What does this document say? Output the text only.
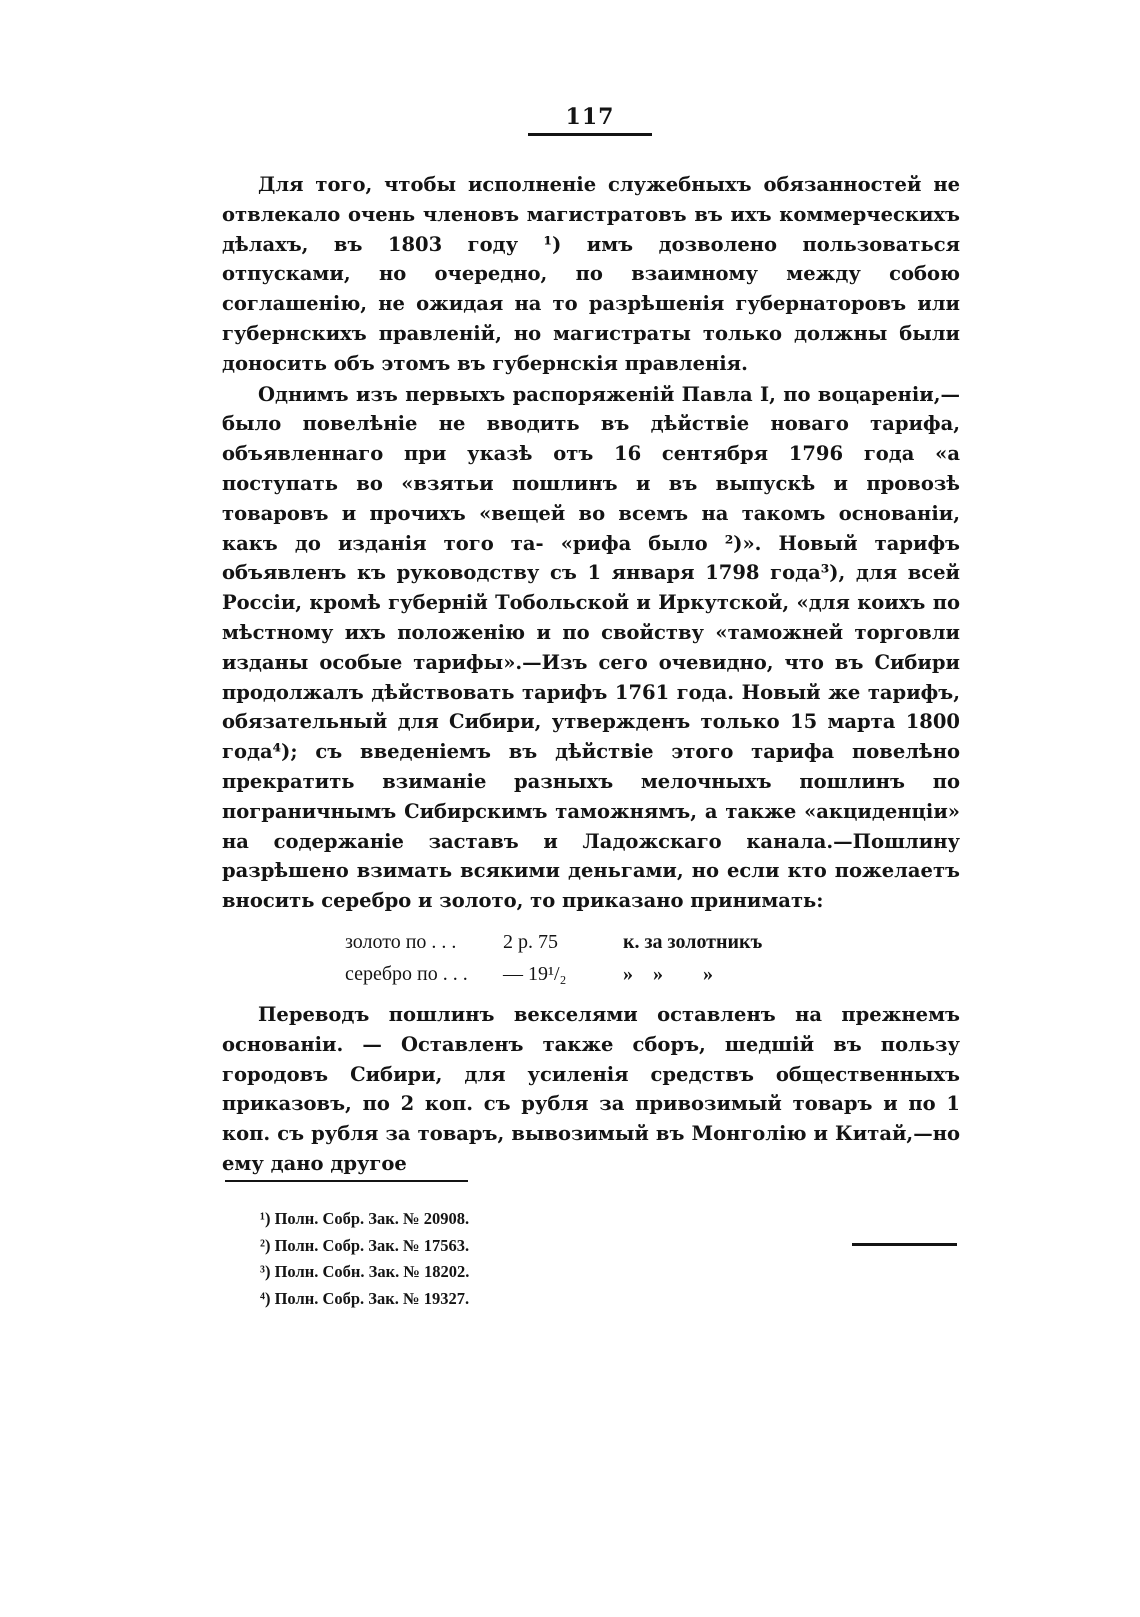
117

Для того, чтобы исполненіе служебныхъ обязанностей не отвлекало очень членовъ магистратовъ въ ихъ коммерческихъ дѣлахъ, въ 1803 году ¹) имъ дозволено пользоваться отпусками, но очередно, по взаимному между собою соглашенію, не ожидая на то разрѣшенія губернаторовъ или губернскихъ правленій, но магистраты только должны были доносить объ этомъ въ губернскія правленія.

Однимъ изъ первыхъ распоряженій Павла I, по воцареніи,— было повелѣніе не вводить въ дѣйствіе новаго тарифа, объявленнаго при указѣ отъ 16 сентября 1796 года «а поступать во «взятьи пошлинъ и въ выпускѣ и провозѣ товаровъ и прочихъ «вещей во всемъ на такомъ основаніи, какъ до изданія того та- «рифа было ²)». Новый тарифъ объявленъ къ руководству съ 1 января 1798 года³), для всей Россіи, кромѣ губерній Тобольской и Иркутской, «для коихъ по мѣстному ихъ положенію и по свойству «таможней торговли изданы особые тарифы».—Изъ сего очевидно, что въ Сибири продолжалъ дѣйствовать тарифъ 1761 года. Новый же тарифъ, обязательный для Сибири, утвержденъ только 15 марта 1800 года⁴); съ введеніемъ въ дѣйствіе этого тарифа повелѣно прекратить взиманіе разныхъ мелочныхъ пошлинъ по пограничнымъ Сибирскимъ таможнямъ, а также «акциденціи» на содержаніе заставъ и Ладожскаго канала.—Пошлину разрѣшено взимать всякими деньгами, но если кто пожелаетъ вносить серебро и золото, то приказано принимать:

золото по . . .	2 р. 75	к. за золотникъ
серебро по . . .	— 19¹/₂	»    »        »

Переводъ пошлинъ векселями оставленъ на прежнемъ основаніи. — Оставленъ также сборъ, шедшій въ пользу городовъ Сибири, для усиленія средствъ общественныхъ приказовъ, по 2 коп. съ рубля за привозимый товаръ и по 1 коп. съ рубля за товаръ, вывозимый въ Монголію и Китай,—но ему дано другое

¹) Полн. Собр. Зак. № 20908.
²) Полн. Собр. Зак. № 17563.
³) Полн. Собн. Зак. № 18202.
⁴) Полн. Собр. Зак. № 19327.
